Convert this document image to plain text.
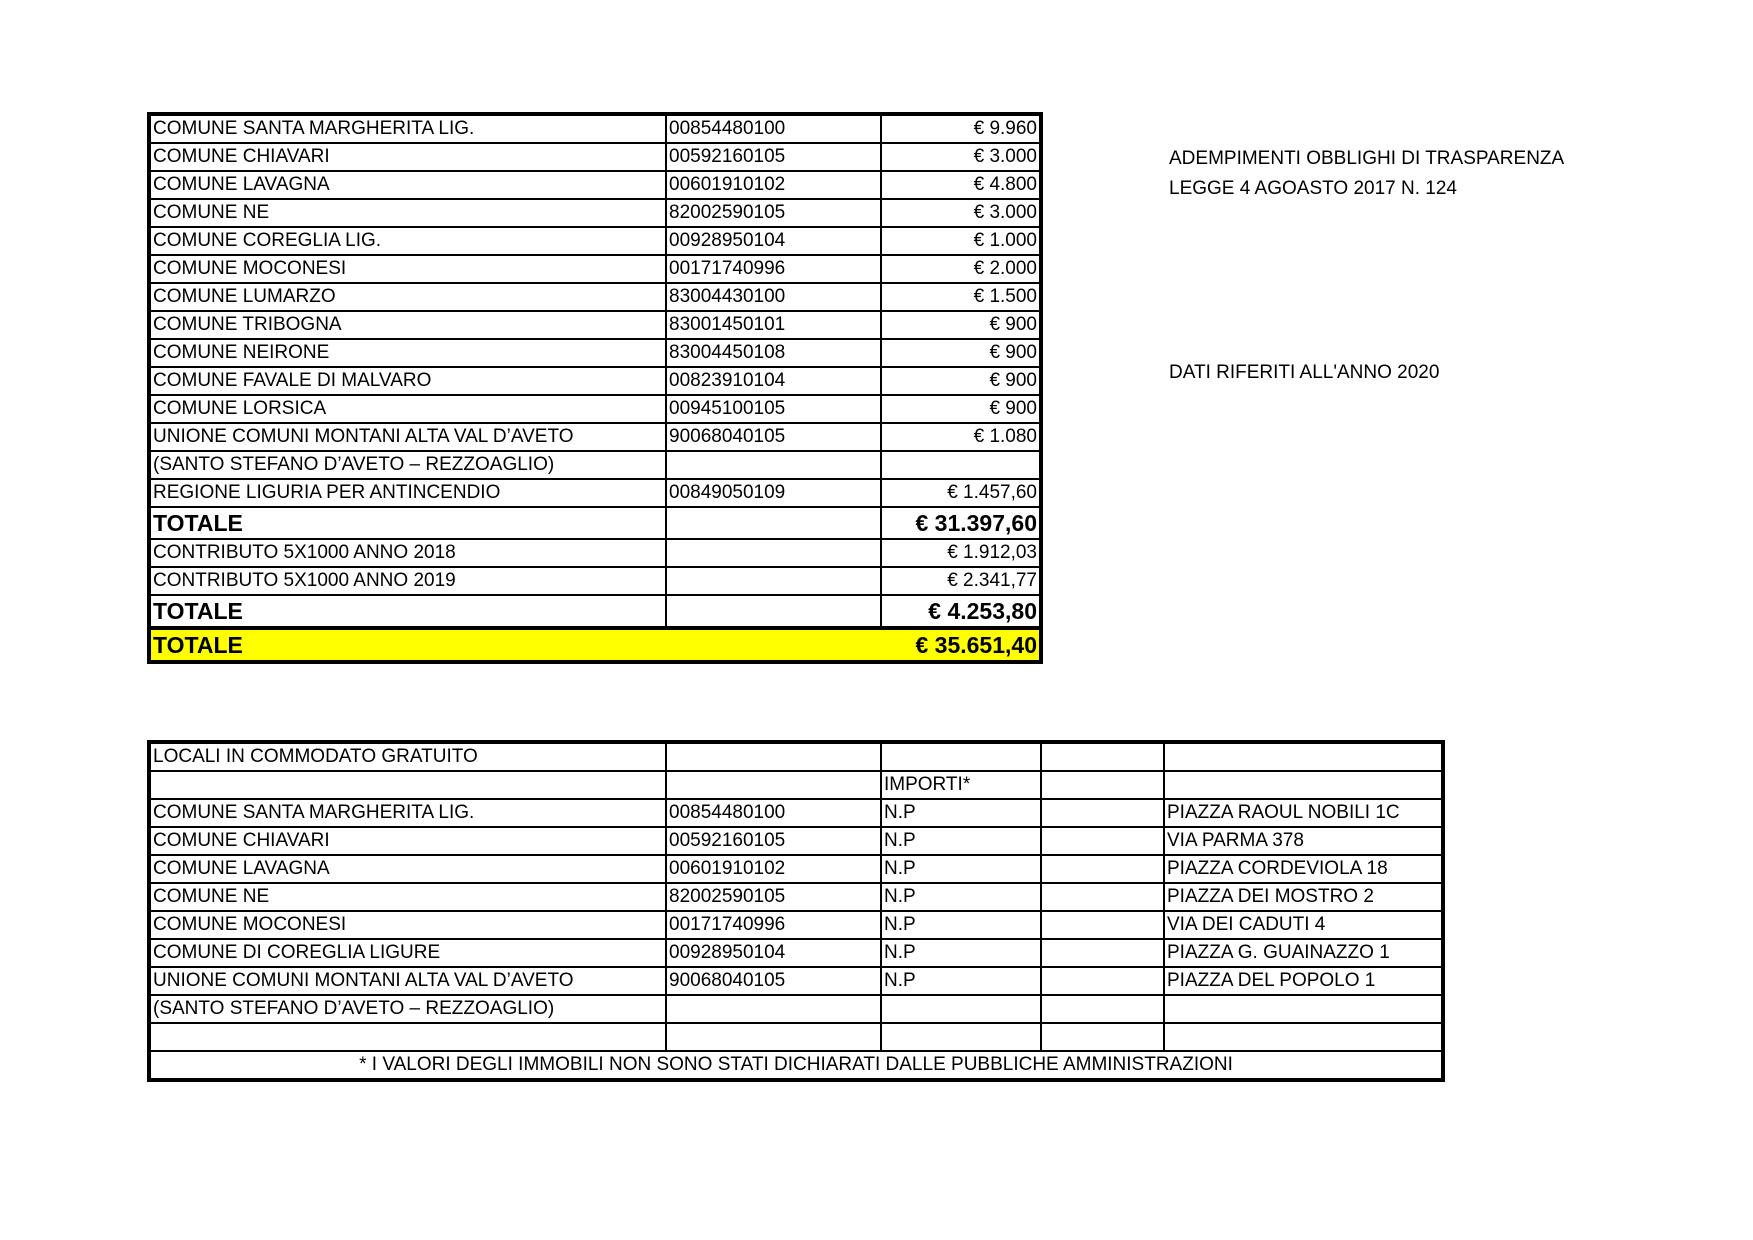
ADEMPIMENTI OBBLIGHI DI TRASPARENZA
LEGGE 4 AGOASTO 2017 N. 124
DATI RIFERITI ALL'ANNO 2020
COMUNE SANTA MARGHERITA LIG.	00854480100	€ 9.960
COMUNE CHIAVARI	00592160105	€ 3.000
COMUNE LAVAGNA	00601910102	€ 4.800
COMUNE NE	82002590105	€ 3.000
COMUNE COREGLIA LIG.	00928950104	€ 1.000
COMUNE MOCONESI	00171740996	€ 2.000
COMUNE LUMARZO	83004430100	€ 1.500
COMUNE TRIBOGNA	83001450101	€ 900
COMUNE NEIRONE	83004450108	€ 900
COMUNE FAVALE DI MALVARO	00823910104	€ 900
COMUNE LORSICA	00945100105	€ 900
UNIONE COMUNI MONTANI ALTA VAL D’AVETO	90068040105	€ 1.080
(SANTO STEFANO D’AVETO – REZZOAGLIO)		
REGIONE LIGURIA PER ANTINCENDIO	00849050109	€ 1.457,60
TOTALE		€ 31.397,60
CONTRIBUTO 5X1000 ANNO 2018		€ 1.912,03
CONTRIBUTO 5X1000 ANNO 2019		€ 2.341,77
TOTALE		€ 4.253,80
TOTALE		€ 35.651,40
LOCALI IN COMMODATO GRATUITO				
		IMPORTI*		
COMUNE SANTA MARGHERITA LIG.	00854480100	N.P		PIAZZA RAOUL NOBILI 1C
COMUNE CHIAVARI	00592160105	N.P		VIA PARMA 378
COMUNE LAVAGNA	00601910102	N.P		PIAZZA CORDEVIOLA 18
COMUNE NE	82002590105	N.P		PIAZZA DEI MOSTRO 2
COMUNE MOCONESI	00171740996	N.P		VIA DEI CADUTI 4
COMUNE DI COREGLIA LIGURE	00928950104	N.P		PIAZZA G. GUAINAZZO 1
UNIONE COMUNI MONTANI ALTA VAL D’AVETO	90068040105	N.P		PIAZZA DEL POPOLO 1
(SANTO STEFANO D’AVETO – REZZOAGLIO)				

* I VALORI DEGLI IMMOBILI NON SONO STATI DICHIARATI DALLE PUBBLICHE AMMINISTRAZIONI				
